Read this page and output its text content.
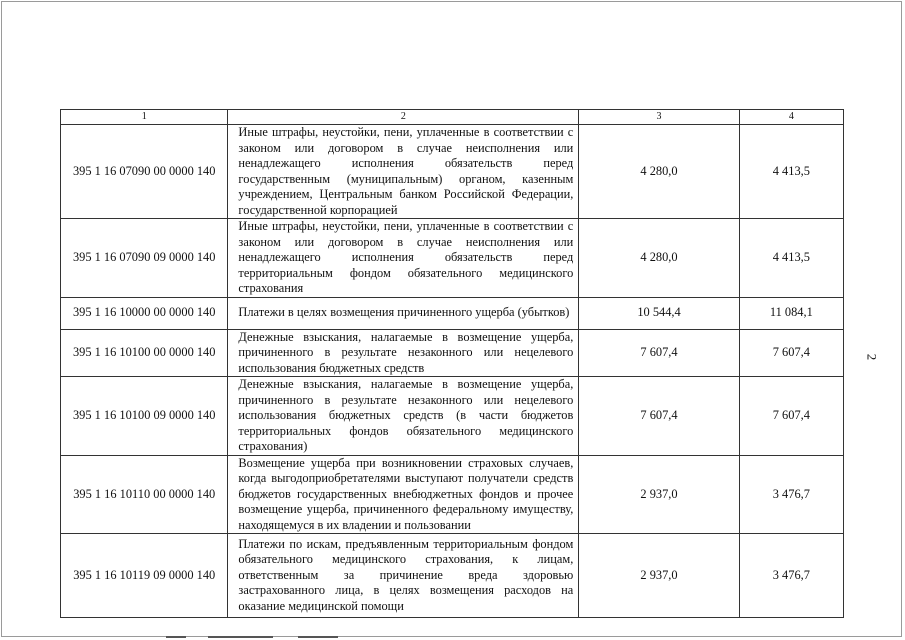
1	2	3	4
395 1 16 07090 00 0000 140	Иные штрафы, неустойки, пени, уплаченные в соответствии с законом или договором в случае неисполнения или ненадлежащего исполнения обязательств перед государственным (муниципальным) органом, казенным учреждением, Центральным банком Российской Федерации, государственной корпорацией	4 280,0	4 413,5
395 1 16 07090 09 0000 140	Иные штрафы, неустойки, пени, уплаченные в соответствии с законом или договором в случае неисполнения или ненадлежащего исполнения обязательств перед территориальным фондом обязательного медицинского страхования	4 280,0	4 413,5
395 1 16 10000 00 0000 140	Платежи в целях возмещения причиненного ущерба (убытков)	10 544,4	11 084,1
395 1 16 10100 00 0000 140	Денежные взыскания, налагаемые в возмещение ущерба, причиненного в результате незаконного или нецелевого использования бюджетных средств	7 607,4	7 607,4
395 1 16 10100 09 0000 140	Денежные взыскания, налагаемые в возмещение ущерба, причиненного в результате незаконного или нецелевого использования бюджетных средств (в части бюджетов территориальных фондов обязательного медицинского страхования)	7 607,4	7 607,4
395 1 16 10110 00 0000 140	Возмещение ущерба при возникновении страховых случаев, когда выгодоприобретателями выступают получатели средств бюджетов государственных внебюджетных фондов и прочее возмещение ущерба, причиненного федеральному имуществу, находящемуся в их владении и пользовании	2 937,0	3 476,7
395 1 16 10119 09 0000 140	Платежи по искам, предъявленным территориальным фондом обязательного медицинского страхования, к лицам, ответственным за причинение вреда здоровью застрахованного лица, в целях возмещения расходов на оказание медицинской помощи	2 937,0	3 476,7
2
